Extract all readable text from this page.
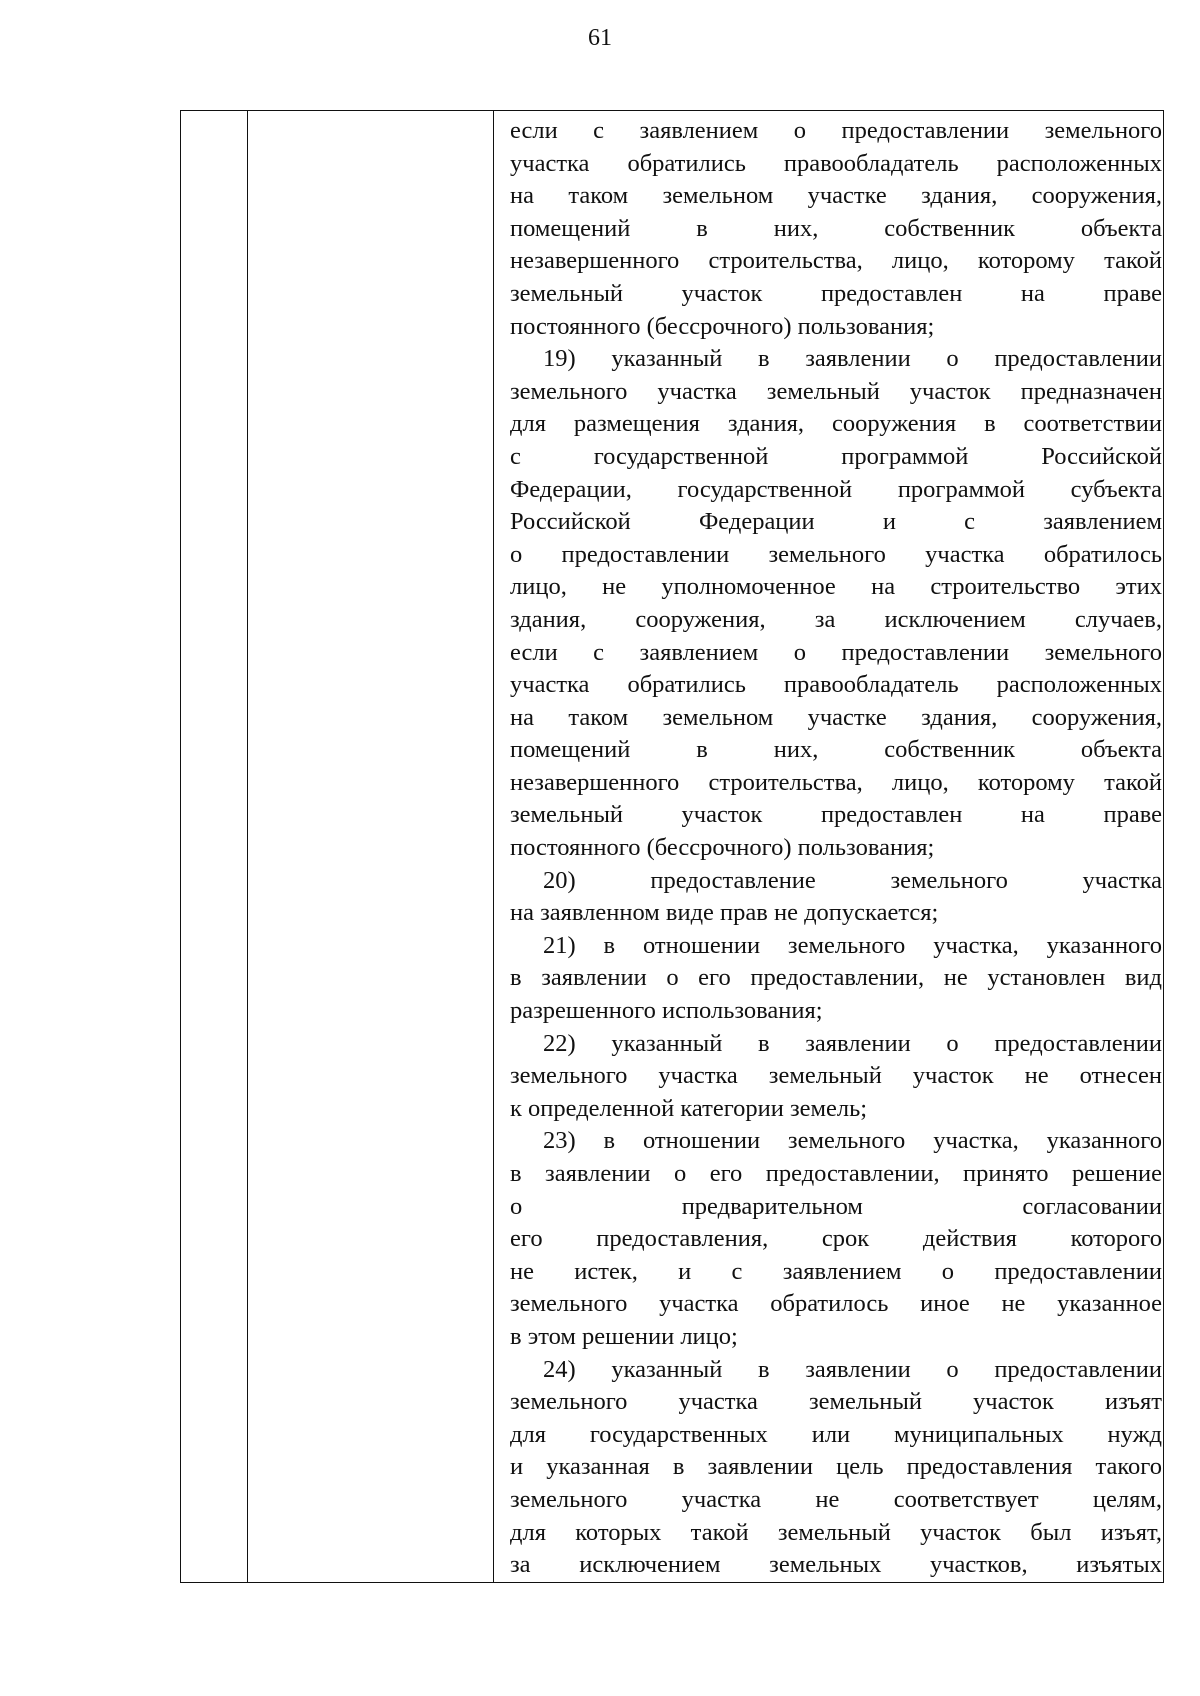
61
если с заявлением о предоставлении земельного
участка обратились правообладатель расположенных
на таком земельном участке здания, сооружения,
помещений в них, собственник объекта
незавершенного строительства, лицо, которому такой
земельный участок предоставлен на праве
постоянного (бессрочного) пользования;
19) указанный в заявлении о предоставлении
земельного участка земельный участок предназначен
для размещения здания, сооружения в соответствии
с государственной программой Российской
Федерации, государственной программой субъекта
Российской Федерации и с заявлением
о предоставлении земельного участка обратилось
лицо, не уполномоченное на строительство этих
здания, сооружения, за исключением случаев,
если с заявлением о предоставлении земельного
участка обратились правообладатель расположенных
на таком земельном участке здания, сооружения,
помещений в них, собственник объекта
незавершенного строительства, лицо, которому такой
земельный участок предоставлен на праве
постоянного (бессрочного) пользования;
20) предоставление земельного участка
на заявленном виде прав не допускается;
21) в отношении земельного участка, указанного
в заявлении о его предоставлении, не установлен вид
разрешенного использования;
22) указанный в заявлении о предоставлении
земельного участка земельный участок не отнесен
к определенной категории земель;
23) в отношении земельного участка, указанного
в заявлении о его предоставлении, принято решение
о предварительном согласовании
его предоставления, срок действия которого
не истек, и с заявлением о предоставлении
земельного участка обратилось иное не указанное
в этом решении лицо;
24) указанный в заявлении о предоставлении
земельного участка земельный участок изъят
для государственных или муниципальных нужд
и указанная в заявлении цель предоставления такого
земельного участка не соответствует целям,
для которых такой земельный участок был изъят,
за исключением земельных участков, изъятых
